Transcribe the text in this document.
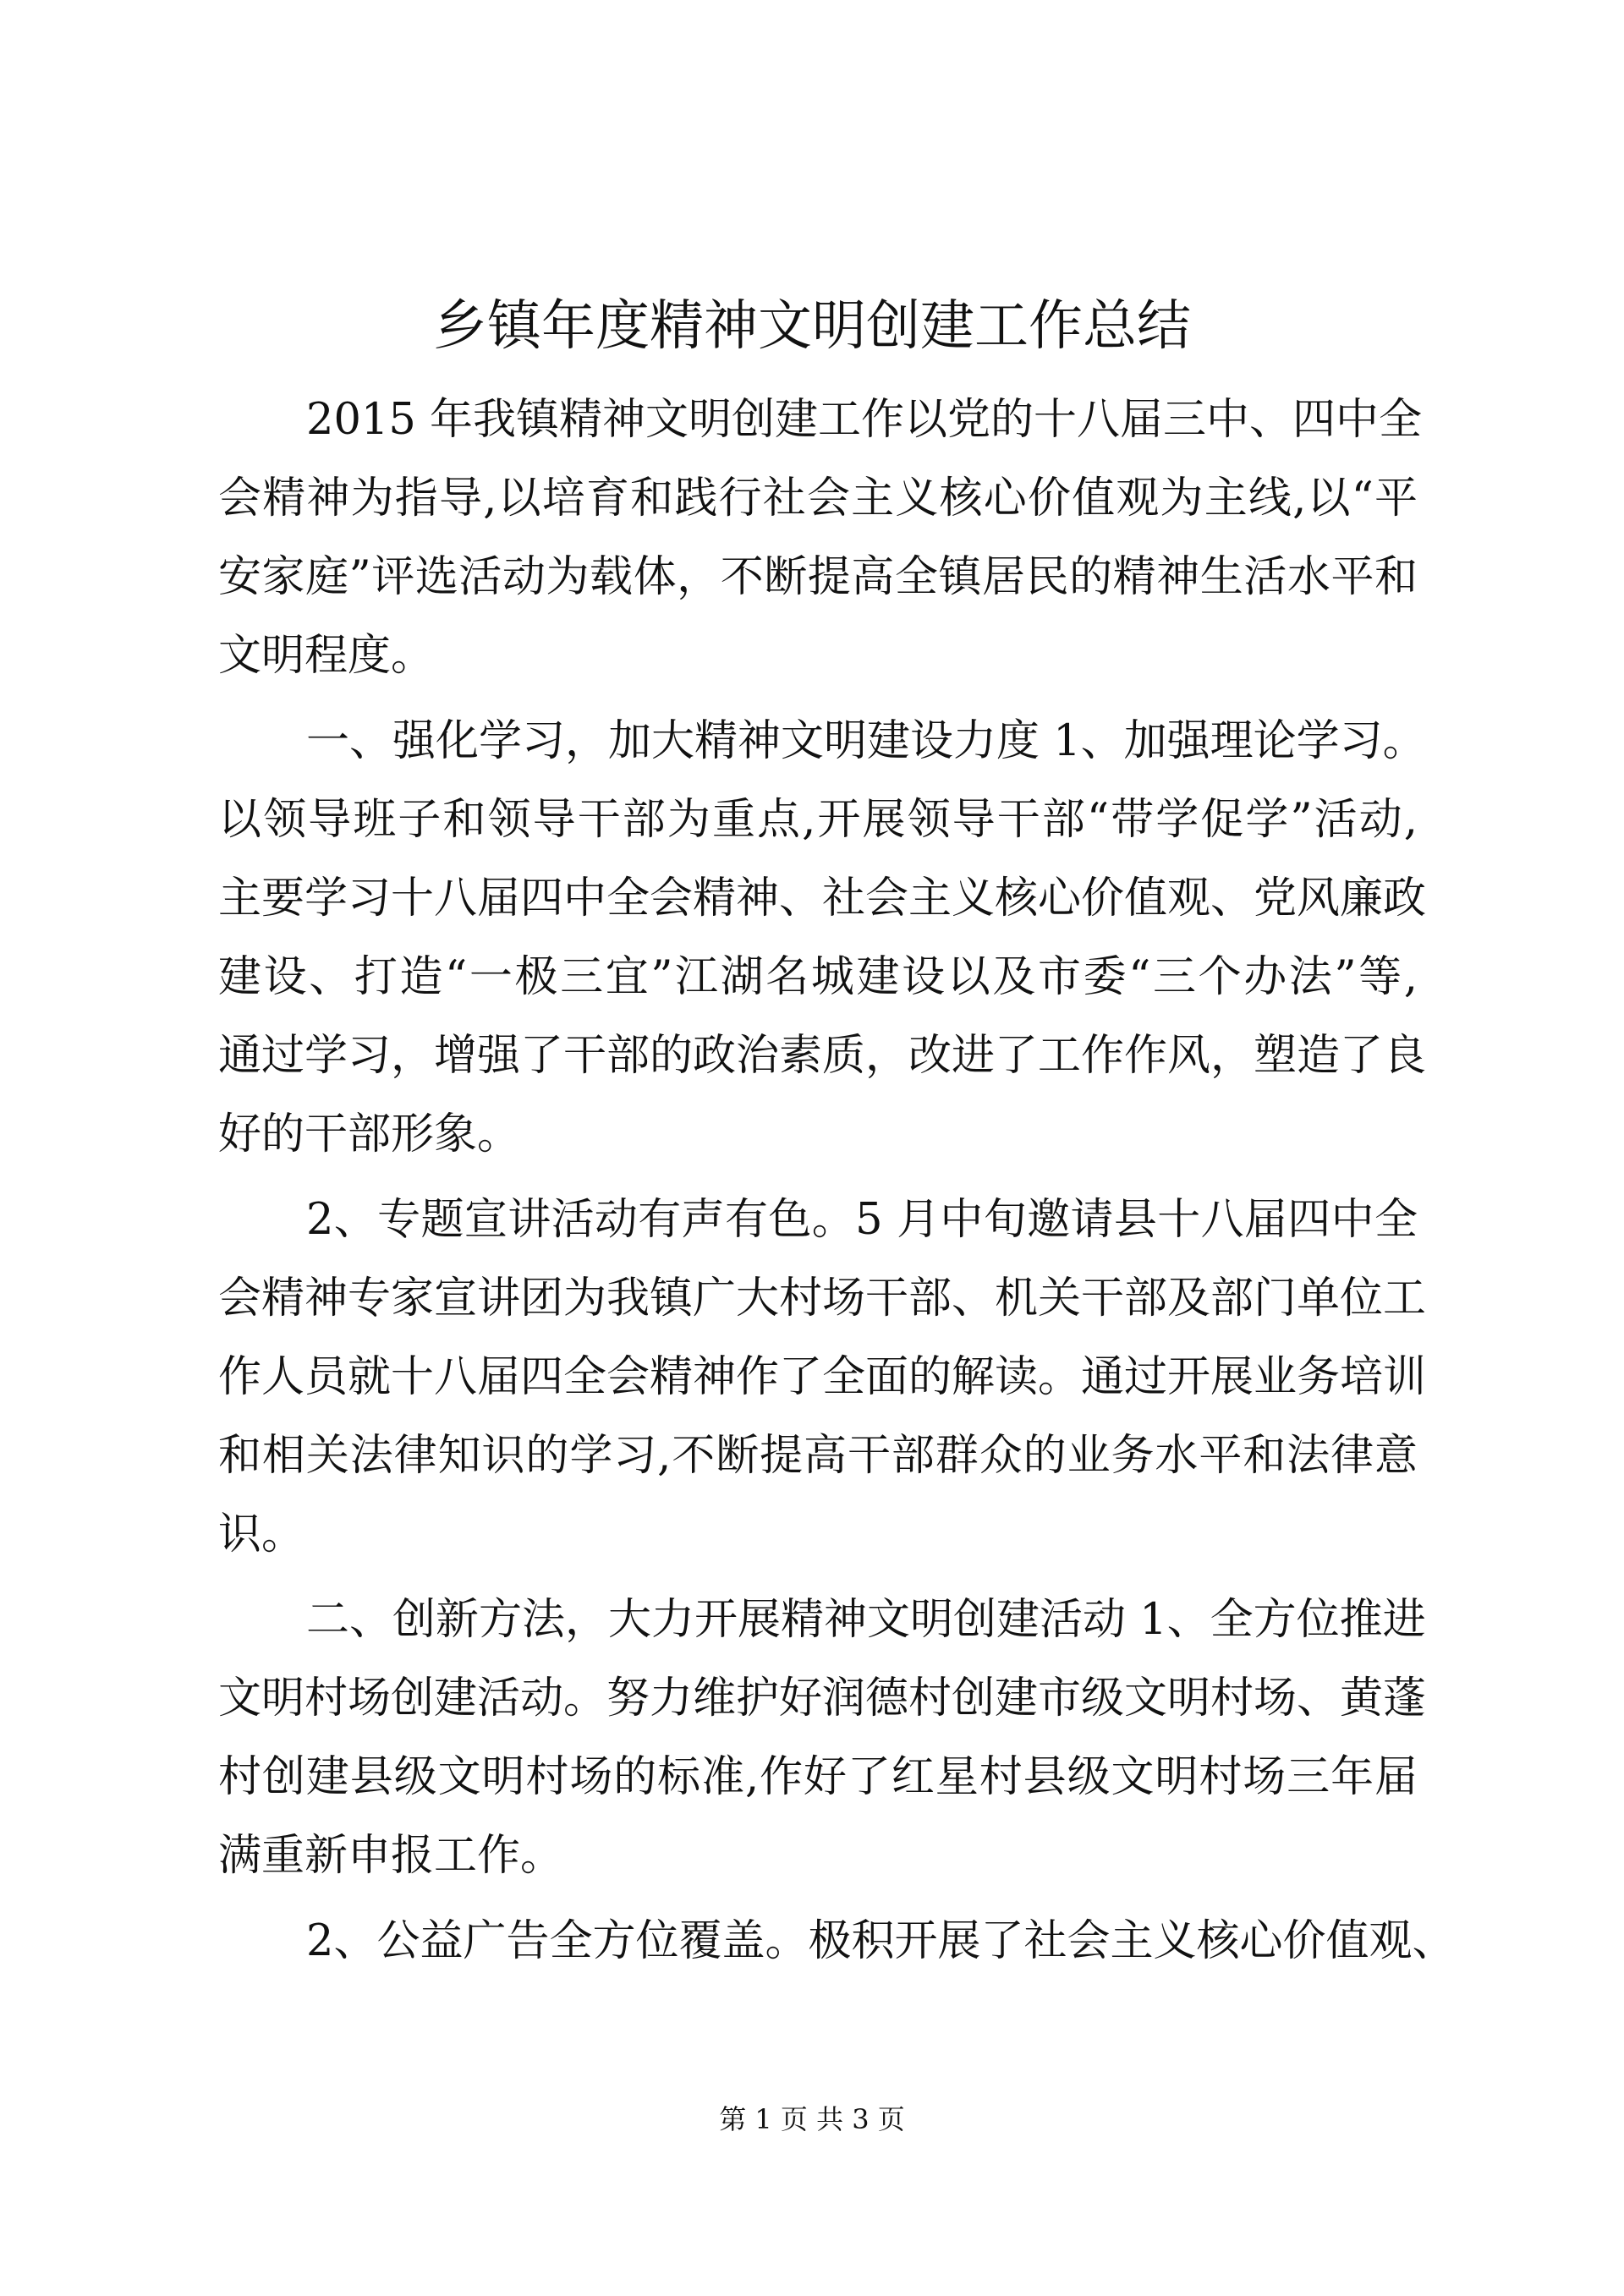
乡镇年度精神文明创建工作总结
2015 年我镇精神文明创建工作以党的十八届三中、四中全
会精神为指导,以培育和践行社会主义核心价值观为主线,以“平
安家庭”评选活动为载体，不断提高全镇居民的精神生活水平和
文明程度。
一、强化学习，加大精神文明建设力度 1、加强理论学习。
以领导班子和领导干部为重点,开展领导干部“带学促学”活动,
主要学习十八届四中全会精神、社会主义核心价值观、党风廉政
建设、打造“一极三宜”江湖名城建设以及市委“三个办法”等,
通过学习，增强了干部的政治素质，改进了工作作风，塑造了良
好的干部形象。
2、专题宣讲活动有声有色。5 月中旬邀请县十八届四中全
会精神专家宣讲团为我镇广大村场干部、机关干部及部门单位工
作人员就十八届四全会精神作了全面的解读。通过开展业务培训
和相关法律知识的学习,不断提高干部群众的业务水平和法律意
识。
二、创新方法，大力开展精神文明创建活动 1、全方位推进
文明村场创建活动。努力维护好润德村创建市级文明村场、黄蓬
村创建县级文明村场的标准,作好了红星村县级文明村场三年届
满重新申报工作。
2、公益广告全方位覆盖。极积开展了社会主义核心价值观、
第 1 页 共 3 页
